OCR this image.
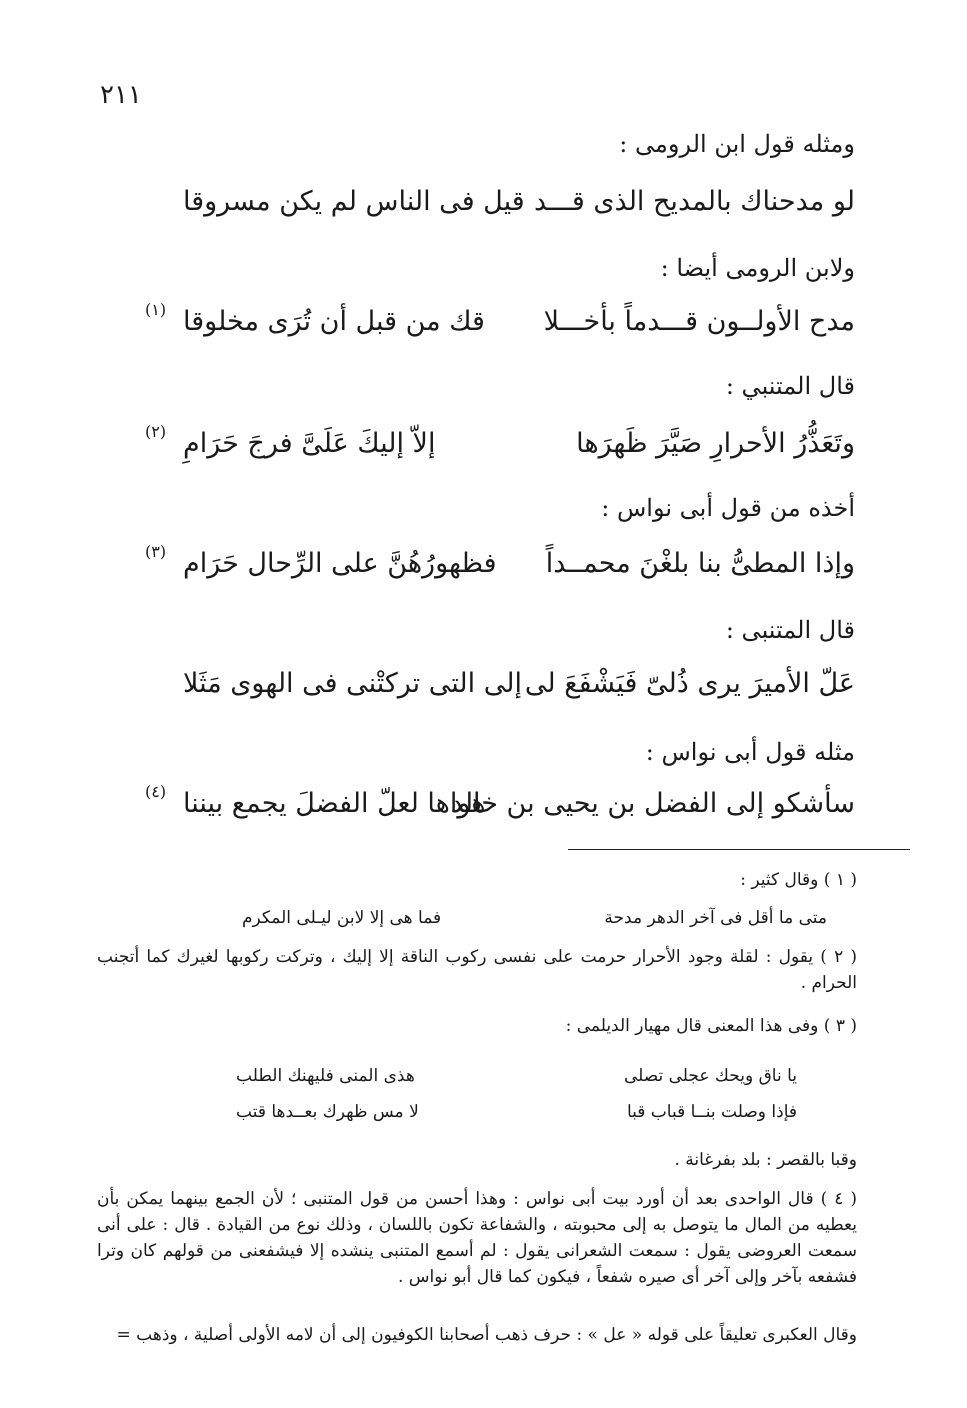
٢١١
ومثله قول ابن الرومى :
لو مدحناك بالمديح الذى قـــد
قيل فى الناس لم يكن مسروقا
ولابن الرومى أيضا :
مدح الأولــون قـــدماً بأخـــلا
قك من قبل أن تُرَى مخلوقا
(١)
قال المتنبي :
وتَعَذُّرُ الأحرارِ صَيَّرَ ظَهرَها
إلاّ إليكَ عَلَىَّ فرجَ حَرَامِ
(٢)
أخذه من قول أبى نواس :
وإذا المطىُّ بنا بلغْنَ محمــداً
فظهورُهُنَّ على الرِّحال حَرَام
(٣)
قال المتنبى :
عَلّ الأميرَ يرى ذُلىّ فَيَشْفَعَ لى
إلى التى تركتْنى فى الهوى مَثَلا
مثله قول أبى نواس :
سأشكو إلى الفضل بن يحيى بن خالد
هواها لعلّ الفضلَ يجمع بيننا
(٤)
( ١ ) وقال كثير :
متى ما أقل فى آخر الدهر مدحة
فما هى إلا لابن ليـلى المكرم
( ٢ ) يقول : لقلة وجود الأحرار حرمت على نفسى ركوب الناقة إلا إليك ، وتركت ركوبها لغيرك كما أتجنب الحرام .
( ٣ ) وفى هذا المعنى قال مهيار الديلمى :
يا ناق ويحك عجلى تصلى
هذى المنى فليهنك الطلب
فإذا وصلت بنــا قباب قبا
لا مس ظهرك بعــدها قتب
وقبا بالقصر : بلد بفرغانة .
( ٤ ) قال الواحدى بعد أن أورد بيت أبى نواس : وهذا أحسن من قول المتنبى ؛ لأن الجمع بينهما يمكن بأن يعطيه من المال ما يتوصل به إلى محبوبته ، والشفاعة تكون باللسان ، وذلك نوع من القيادة . قال : على أنى سمعت العروضى يقول : سمعت الشعرانى يقول : لم أسمع المتنبى ينشده إلا فيشفعنى من قولهم كان وترا فشفعه بآخر وإلى آخر أى صيره شفعاً ، فيكون كما قال أبو نواس .
وقال العكبرى تعليقاً على قوله « عل » : حرف ذهب أصحابنا الكوفيون إلى أن لامه الأولى أصلية ، وذهب =
